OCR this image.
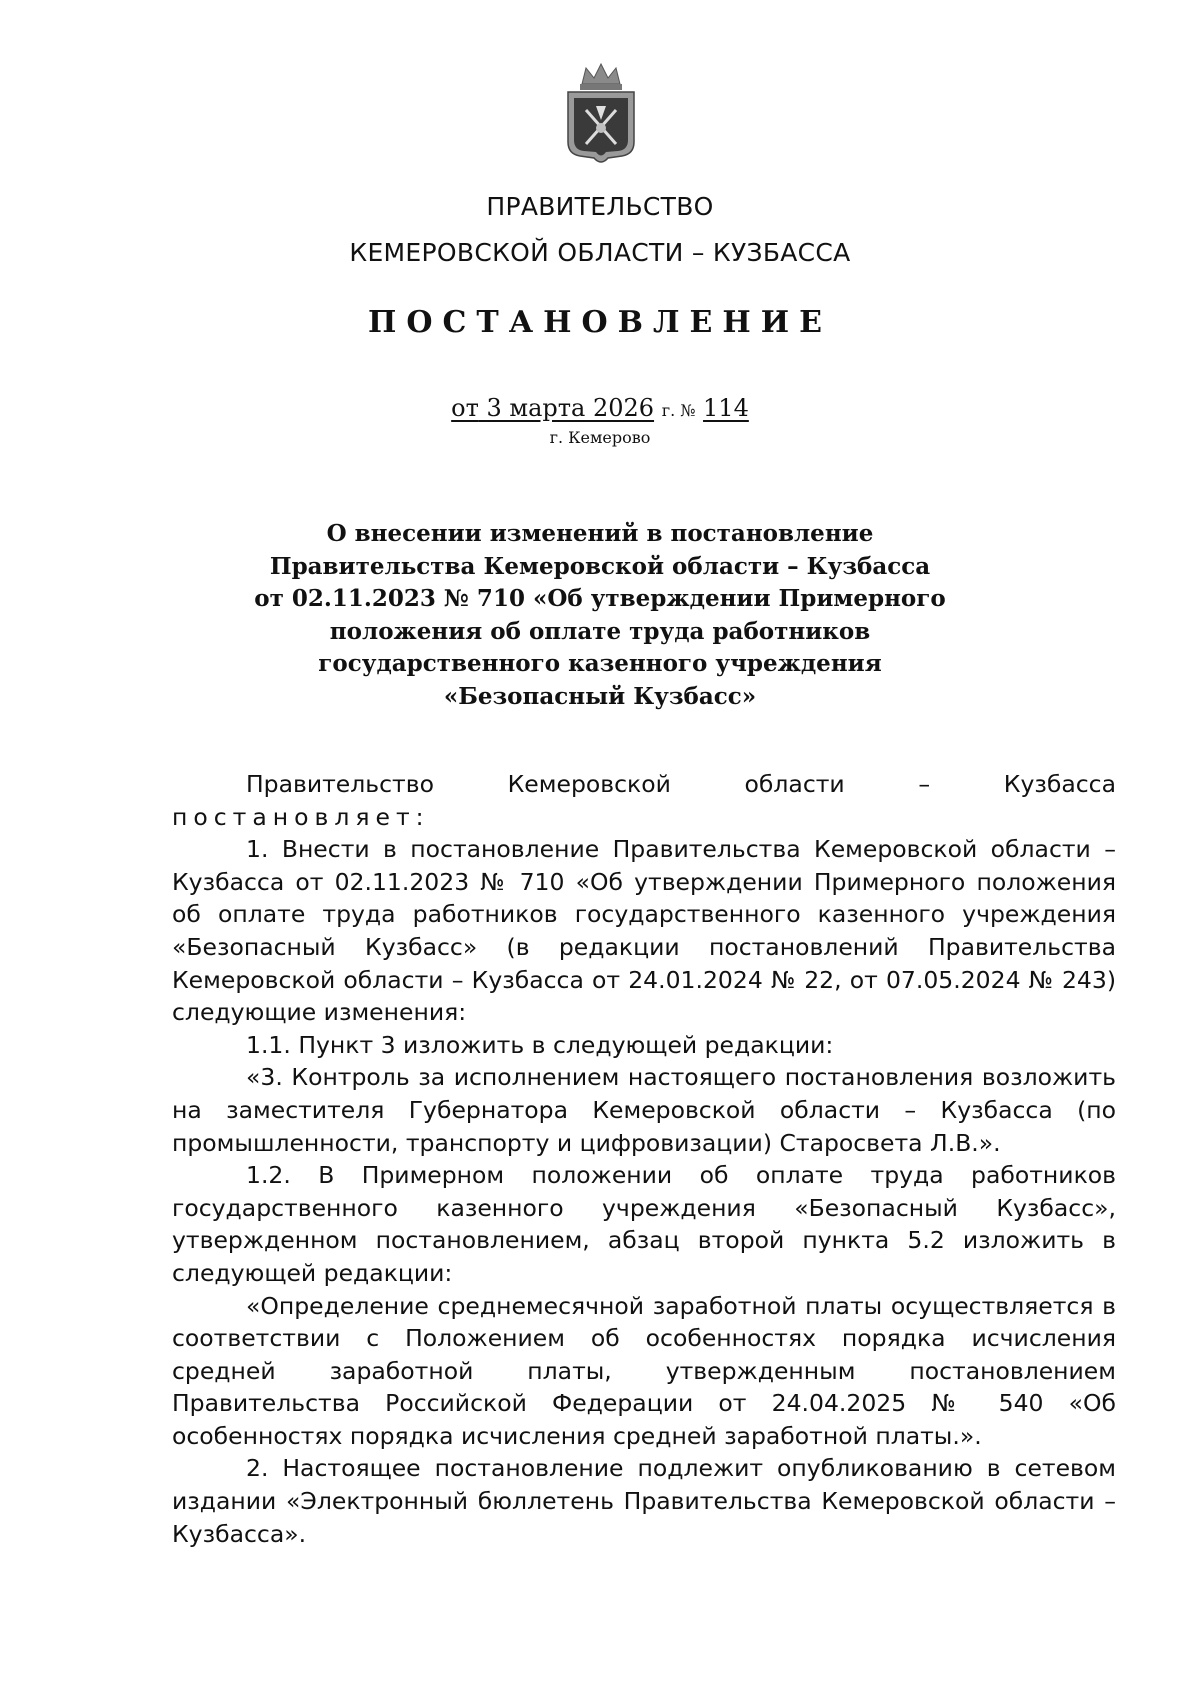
ПРАВИТЕЛЬСТВО
КЕМЕРОВСКОЙ ОБЛАСТИ – КУЗБАССА
ПОСТАНОВЛЕНИЕ
от 3 марта 2026 г. № 114
г. Кемерово
О внесении изменений в постановление
Правительства Кемеровской области – Кузбасса
от 02.11.2023 № 710 «Об утверждении Примерного
положения об оплате труда работников
государственного казенного учреждения
«Безопасный Кузбасс»

Правительство Кемеровской области – Кузбасса постановляет:

1. Внести в постановление Правительства Кемеровской области – Кузбасса от 02.11.2023 № 710 «Об утверждении Примерного положения об оплате труда работников государственного казенного учреждения «Безопасный Кузбасс» (в редакции постановлений Правительства Кемеровской области – Кузбасса от 24.01.2024 № 22, от 07.05.2024 № 243) следующие изменения:

1.1. Пункт 3 изложить в следующей редакции:

«3. Контроль за исполнением настоящего постановления возложить на заместителя Губернатора Кемеровской области – Кузбасса (по промышленности, транспорту и цифровизации) Старосвета Л.В.».

1.2. В Примерном положении об оплате труда работников государственного казенного учреждения «Безопасный Кузбасс», утвержденном постановлением, абзац второй пункта 5.2 изложить в следующей редакции:

«Определение среднемесячной заработной платы осуществляется в соответствии с Положением об особенностях порядка исчисления средней заработной платы, утвержденным постановлением Правительства Российской Федерации от 24.04.2025 № 540 «Об особенностях порядка исчисления средней заработной платы.».

2. Настоящее постановление подлежит опубликованию в сетевом издании «Электронный бюллетень Правительства Кемеровской области – Кузбасса».
